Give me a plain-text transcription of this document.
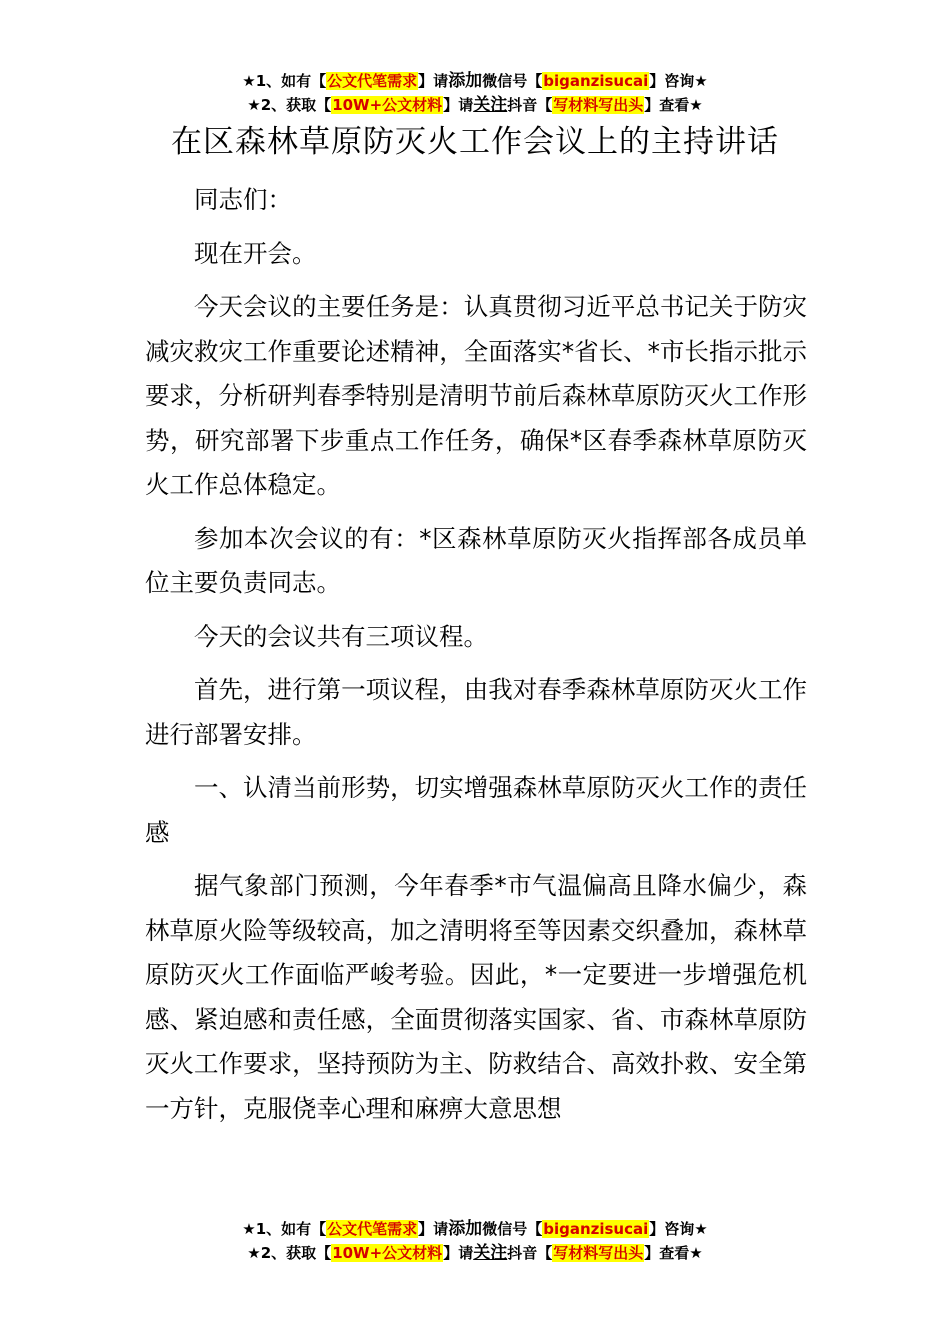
★1、如有【公文代笔需求】请添加微信号【biganzisucai】咨询★
★2、获取【10W+公文材料】请关注抖音【写材料写出头】查看★
在区森林草原防灭火工作会议上的主持讲话

同志们：

现在开会。

今天会议的主要任务是：认真贯彻习近平总书记关于防灾减灾救灾工作重要论述精神，全面落实*省长、*市长指示批示要求，分析研判春季特别是清明节前后森林草原防灭火工作形势，研究部署下步重点工作任务，确保*区春季森林草原防灭火工作总体稳定。

参加本次会议的有：*区森林草原防灭火指挥部各成员单位主要负责同志。

今天的会议共有三项议程。

首先，进行第一项议程，由我对春季森林草原防灭火工作进行部署安排。

一、认清当前形势，切实增强森林草原防灭火工作的责任感

据气象部门预测，今年春季*市气温偏高且降水偏少，森林草原火险等级较高，加之清明将至等因素交织叠加，森林草原防灭火工作面临严峻考验。因此，*一定要进一步增强危机感、紧迫感和责任感，全面贯彻落实国家、省、市森林草原防灭火工作要求，坚持预防为主、防救结合、高效扑救、安全第一方针，克服侥幸心理和麻痹大意思想

★1、如有【公文代笔需求】请添加微信号【biganzisucai】咨询★
★2、获取【10W+公文材料】请关注抖音【写材料写出头】查看★
